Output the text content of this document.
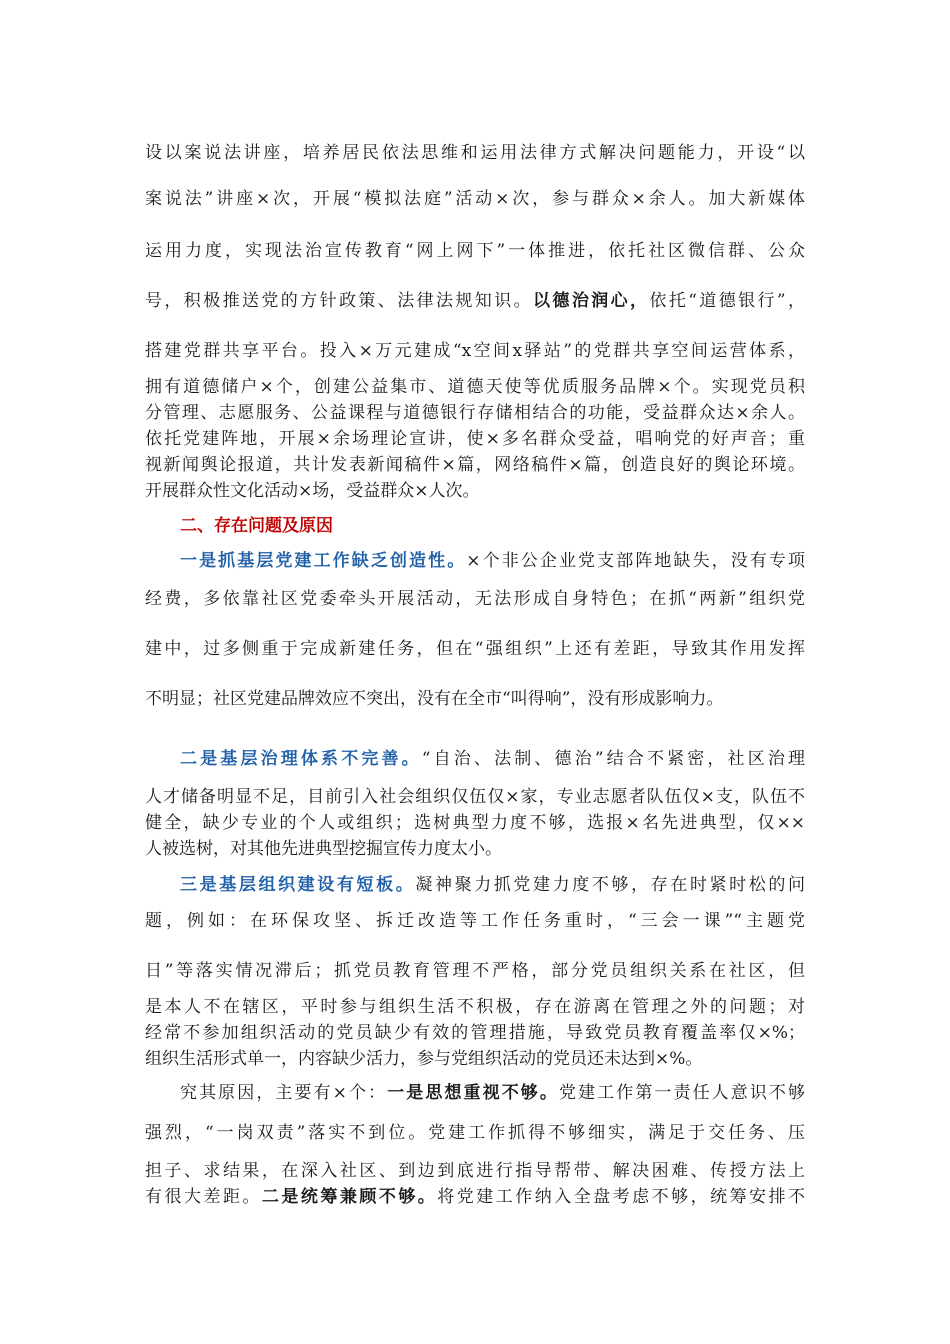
设以案说法讲座，培养居民依法思维和运用法律方式解决问题能力，开设“以
案说法”讲座×次，开展“模拟法庭”活动×次，参与群众×余人。加大新媒体
运用力度，实现法治宣传教育“网上网下”一体推进，依托社区微信群、公众
号，积极推送党的方针政策、法律法规知识。以德治润心，依托“道德银行”，
搭建党群共享平台。投入×万元建成“x空间x驿站”的党群共享空间运营体系，
拥有道德储户×个，创建公益集市、道德天使等优质服务品牌×个。实现党员积
分管理、志愿服务、公益课程与道德银行存储相结合的功能，受益群众达×余人。
依托党建阵地，开展×余场理论宣讲，使×多名群众受益，唱响党的好声音；重
视新闻舆论报道，共计发表新闻稿件×篇，网络稿件×篇，创造良好的舆论环境。
开展群众性文化活动×场，受益群众×人次。
二、存在问题及原因
一是抓基层党建工作缺乏创造性。×个非公企业党支部阵地缺失，没有专项
经费，多依靠社区党委牵头开展活动，无法形成自身特色；在抓“两新”组织党
建中，过多侧重于完成新建任务，但在“强组织”上还有差距，导致其作用发挥
不明显；社区党建品牌效应不突出，没有在全市“叫得响”，没有形成影响力。
二是基层治理体系不完善。“自治、法制、德治”结合不紧密，社区治理
人才储备明显不足，目前引入社会组织仅伍仅×家，专业志愿者队伍仅×支，队伍不
健全，缺少专业的个人或组织；选树典型力度不够，选报×名先进典型，仅××
人被选树，对其他先进典型挖掘宣传力度太小。
三是基层组织建设有短板。凝神聚力抓党建力度不够，存在时紧时松的问
题，例如：在环保攻坚、拆迁改造等工作任务重时，“三会一课”“主题党
日”等落实情况滞后；抓党员教育管理不严格，部分党员组织关系在社区，但
是本人不在辖区，平时参与组织生活不积极，存在游离在管理之外的问题；对
经常不参加组织活动的党员缺少有效的管理措施，导致党员教育覆盖率仅×%；
组织生活形式单一，内容缺少活力，参与党组织活动的党员还未达到×%。
究其原因，主要有×个：一是思想重视不够。党建工作第一责任人意识不够
强烈，“一岗双责”落实不到位。党建工作抓得不够细实，满足于交任务、压
担子、求结果，在深入社区、到边到底进行指导帮带、解决困难、传授方法上
有很大差距。二是统筹兼顾不够。将党建工作纳入全盘考虑不够，统筹安排不
